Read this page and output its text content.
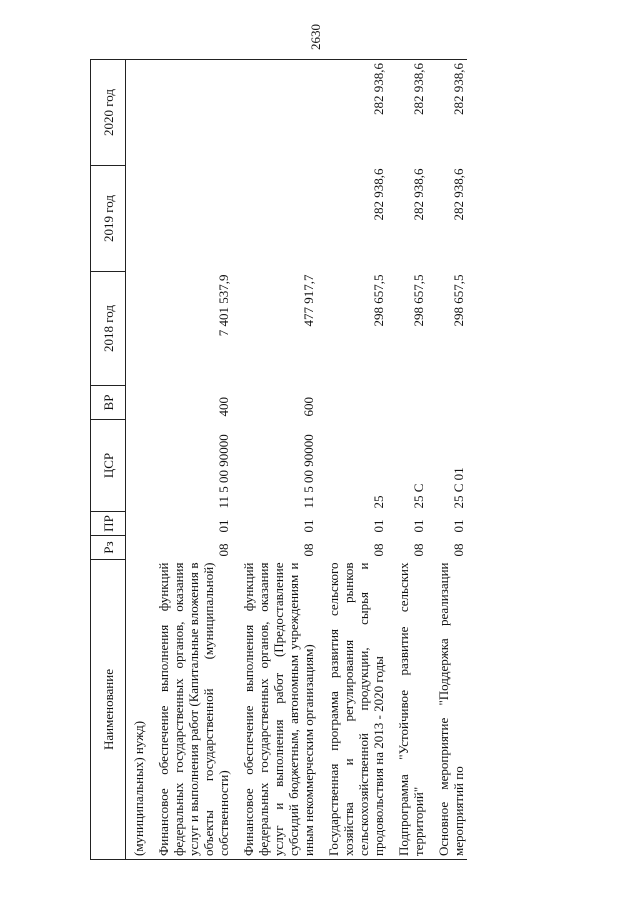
2630
Наименование	Рз	ПР	ЦСР	ВР	2018 год	2019 год	2020 год
(муниципальных) нужд)							

Финансовое обеспечение выполнения функций федеральных государственных органов, оказания услуг и выполнения работ (Капитальные вложения в объекты государственной (муниципальной) собственности)	08	01	11 5 00 90000	400	7 401 537,9		

Финансовое обеспечение выполнения функций федеральных государственных органов, оказания услуг и выполнения работ (Предоставление субсидий бюджетным, автономным учреждениям и иным некоммерческим организациям)	08	01	11 5 00 90000	600	477 917,7		

Государственная программа развития сельского хозяйства и регулирования рынков сельскохозяйственной продукции, сырья и продовольствия на 2013 - 2020 годы	08	01	25		298 657,5	282 938,6	282 938,6

Подпрограмма "Устойчивое развитие сельских территорий"	08	01	25 С		298 657,5	282 938,6	282 938,6

Основное мероприятие "Поддержка реализации мероприятий по	08	01	25 С 01		298 657,5	282 938,6	282 938,6
